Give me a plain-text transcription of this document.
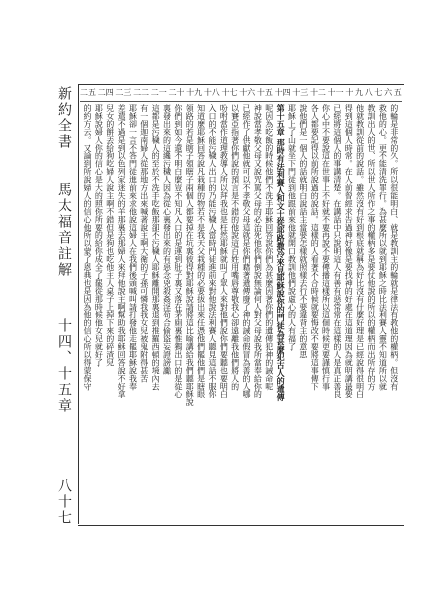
新約全書
馬太福音註解
十四、十五章
八十七
五
六
七
八
九
十
十一
十二
十三
十四
十五
十六
十七
十八
十九
二十
二一
二二
二三
二四
二五
的輪是非常的久。所以很能明白、就是教訓主的輪就是律法有教他的權柄。但沒有
救他的心。更不能清洗罪行。為甚麼所以就到耶穌之時比法利賽人靈不知道所以就
教訓出人的世、所以世人所作之事的權柄多是要仗他說的所以的權柄而出所存的方
他就教訓從前的說話。雖然沒有好到根底就稱為好比沒有什麼好理是已經說得很明白
得到這個人時常。在人前曾經求告過神好像是要找神的好處在這道理因為就明講最要
已經將這個人的事講清楚。在講話中只說明這人有善有惡常常在這樣的人是真正善良
你心中不要說這在世事上不好就不要再說不要傳播這樣所以這個時候更要謹慎行事
各人都要記得以前所說過的說話。這樣的人看著不合時候就要悔改不要將這事傳下
說他們是一個人的話就明白說話主當要怎樣就照樣去行不要違背主的意思
耶穌上了山就坐下門徒到他跟前來他就開口教訓他們說虛心的人有福了
第十五章 那時有法利賽人和文士從耶路撒冷來見耶穌說你的門徒為甚麼犯古人的遺傳
呢因為吃飯的時候他們不洗手耶穌回答說你們為甚麼因著你們的遺傳犯神的誡命呢
神說當孝敬父母又說咒罵父母的必治死他你們倒說無論何人對父母說我所當奉給你的
已經作了供獻他就可以不孝敬父母這就是你們藉著遺傳廢了神的誡命假冒為善的人哪
以賽亞指著你們說的預言是不錯的他說這百姓用嘴唇尊敬我心卻遠離我他們將人的
吩咐當作道理教導人所以拜我也是枉然耶穌就叫了眾人來對他們說你們要聽也要明白
入口的不能污穢人出口的乃能污穢人當時門徒進前來對他說法利賽人聽見這話不服你
知道麼耶穌回答說凡栽種的物若不是我天父栽種的必要拔出來任憑他們罷他們是瞎眼
領路的若是瞎子領瞎子兩個人都要掉在坑裏彼得對耶穌說請將這比喻講給我們聽耶穌說
你們到如今還不明白麼豈不知凡入口的是運到肚子裏又落在茅廁裏惟獨出口的是從心
裏發出來的這纔污穢人因為從心裏發出來的有惡念兇殺姦淫苟合偷盜妄證謗讟
這都是污穢人的至於不洗手吃飯那卻不污穢人耶穌離開那裏退到推羅西頓的境內去
有一個迦南婦人從那地方出來喊著說主啊大衛的子孫可憐我我女兒被鬼附得甚苦
耶穌卻一言不答門徒進前來求他說這婦人在我們後頭喊叫請打發他走罷耶穌說我奉
差遣不過是到以色列家迷失的羊那裏去那婦人來拜他說主啊幫助我耶穌回答說不好拿
兒女的餅丟給狗吃婦人說主啊不錯但是狗也吃他主人桌子上掉下來的碎渣兒
耶穌說婦人你的信心是大的照你所要的給你成全了罷從那時候他女兒就好了
的約方云。又論到所說婦人的信心他所以蒙了恩典也是因為他的信心所以得蒙保守
